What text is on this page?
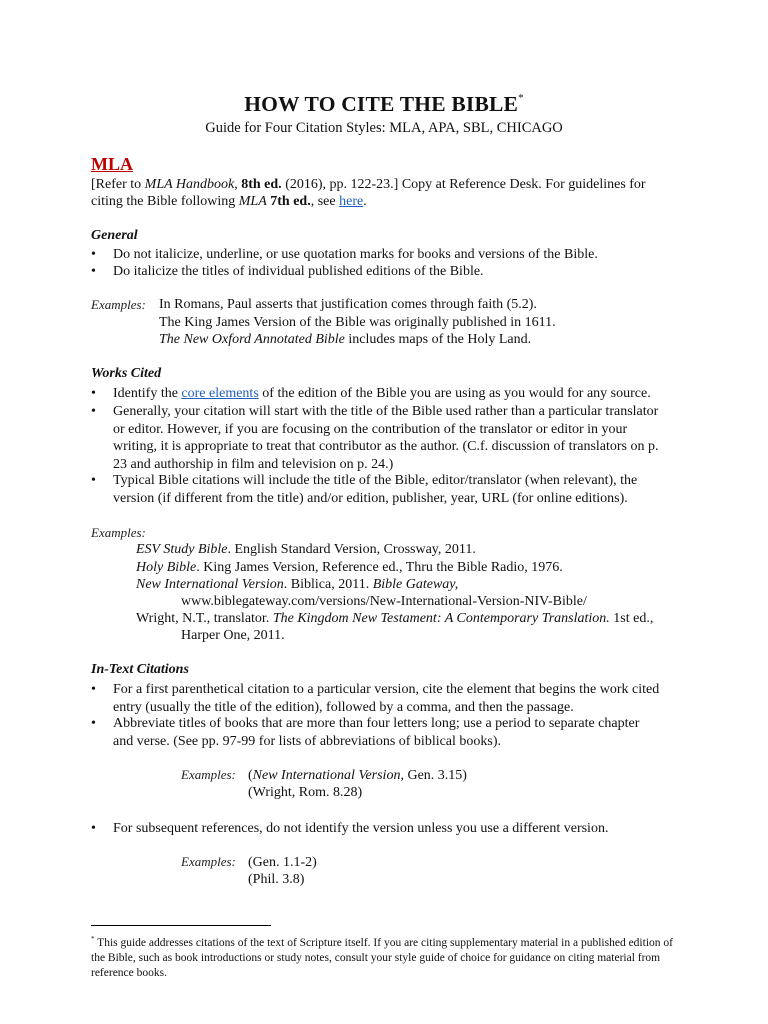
HOW TO CITE THE BIBLE*
Guide for Four Citation Styles: MLA, APA, SBL, CHICAGO
MLA
[Refer to MLA Handbook, 8th ed. (2016), pp. 122-23.] Copy at Reference Desk. For guidelines for
citing the Bible following MLA 7th ed., see here.
General
• Do not italicize, underline, or use quotation marks for books and versions of the Bible.
• Do italicize the titles of individual published editions of the Bible.
Examples: In Romans, Paul asserts that justification comes through faith (5.2).
The King James Version of the Bible was originally published in 1611.
The New Oxford Annotated Bible includes maps of the Holy Land.
Works Cited
• Identify the core elements of the edition of the Bible you are using as you would for any source.
• Generally, your citation will start with the title of the Bible used rather than a particular translator
or editor. However, if you are focusing on the contribution of the translator or editor in your
writing, it is appropriate to treat that contributor as the author. (C.f. discussion of translators on p.
23 and authorship in film and television on p. 24.)
• Typical Bible citations will include the title of the Bible, editor/translator (when relevant), the
version (if different from the title) and/or edition, publisher, year, URL (for online editions).
Examples:
ESV Study Bible. English Standard Version, Crossway, 2011.
Holy Bible. King James Version, Reference ed., Thru the Bible Radio, 1976.
New International Version. Biblica, 2011. Bible Gateway,
www.biblegateway.com/versions/New-International-Version-NIV-Bible/
Wright, N.T., translator. The Kingdom New Testament: A Contemporary Translation. 1st ed.,
Harper One, 2011.
In-Text Citations
• For a first parenthetical citation to a particular version, cite the element that begins the work cited
entry (usually the title of the edition), followed by a comma, and then the passage.
• Abbreviate titles of books that are more than four letters long; use a period to separate chapter
and verse. (See pp. 97-99 for lists of abbreviations of biblical books).
Examples: (New International Version, Gen. 3.15)
(Wright, Rom. 8.28)
• For subsequent references, do not identify the version unless you use a different version.
Examples: (Gen. 1.1-2)
(Phil. 3.8)
* This guide addresses citations of the text of Scripture itself. If you are citing supplementary material in a published edition of the Bible, such as book introductions or study notes, consult your style guide of choice for guidance on citing material from reference books.
